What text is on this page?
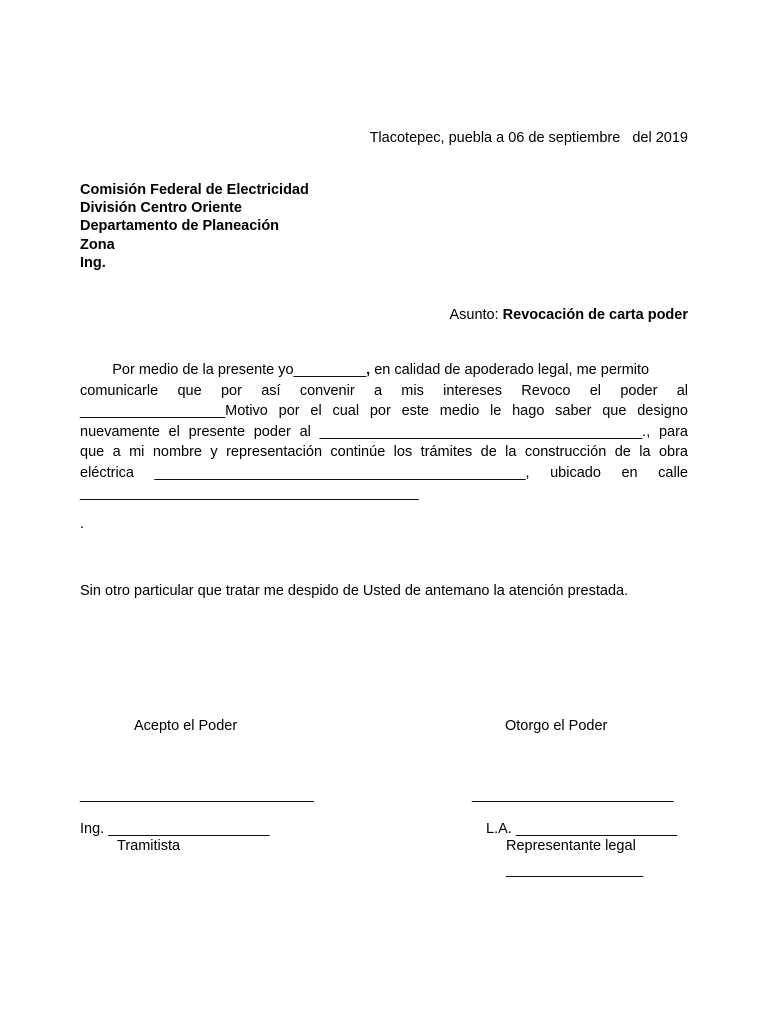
Tlacotepec, puebla a 06 de septiembre   del 2019
Comisión Federal de Electricidad
División Centro Oriente
Departamento de Planeación
Zona
Ing.
Asunto: Revocación de carta poder
Por medio de la presente yo_________, en calidad de apoderado legal, me permito
comunicarle que por así convenir a mis intereses Revoco el poder al
__________________Motivo por el cual por este medio le hago saber que designo
nuevamente el presente poder al ________________________________________., para
que a mi nombre y representación continúe los trámites de la construcción de la obra
eléctrica ______________________________________________, ubicado en calle
__________________________________________
.
Sin otro particular que tratar me despido de Usted de antemano la atención prestada.
Acepto el Poder	Otorgo el Poder
_____________________________	_________________________
Ing. ____________________	L.A. ____________________
Tramitista	Representante legal
_________________
